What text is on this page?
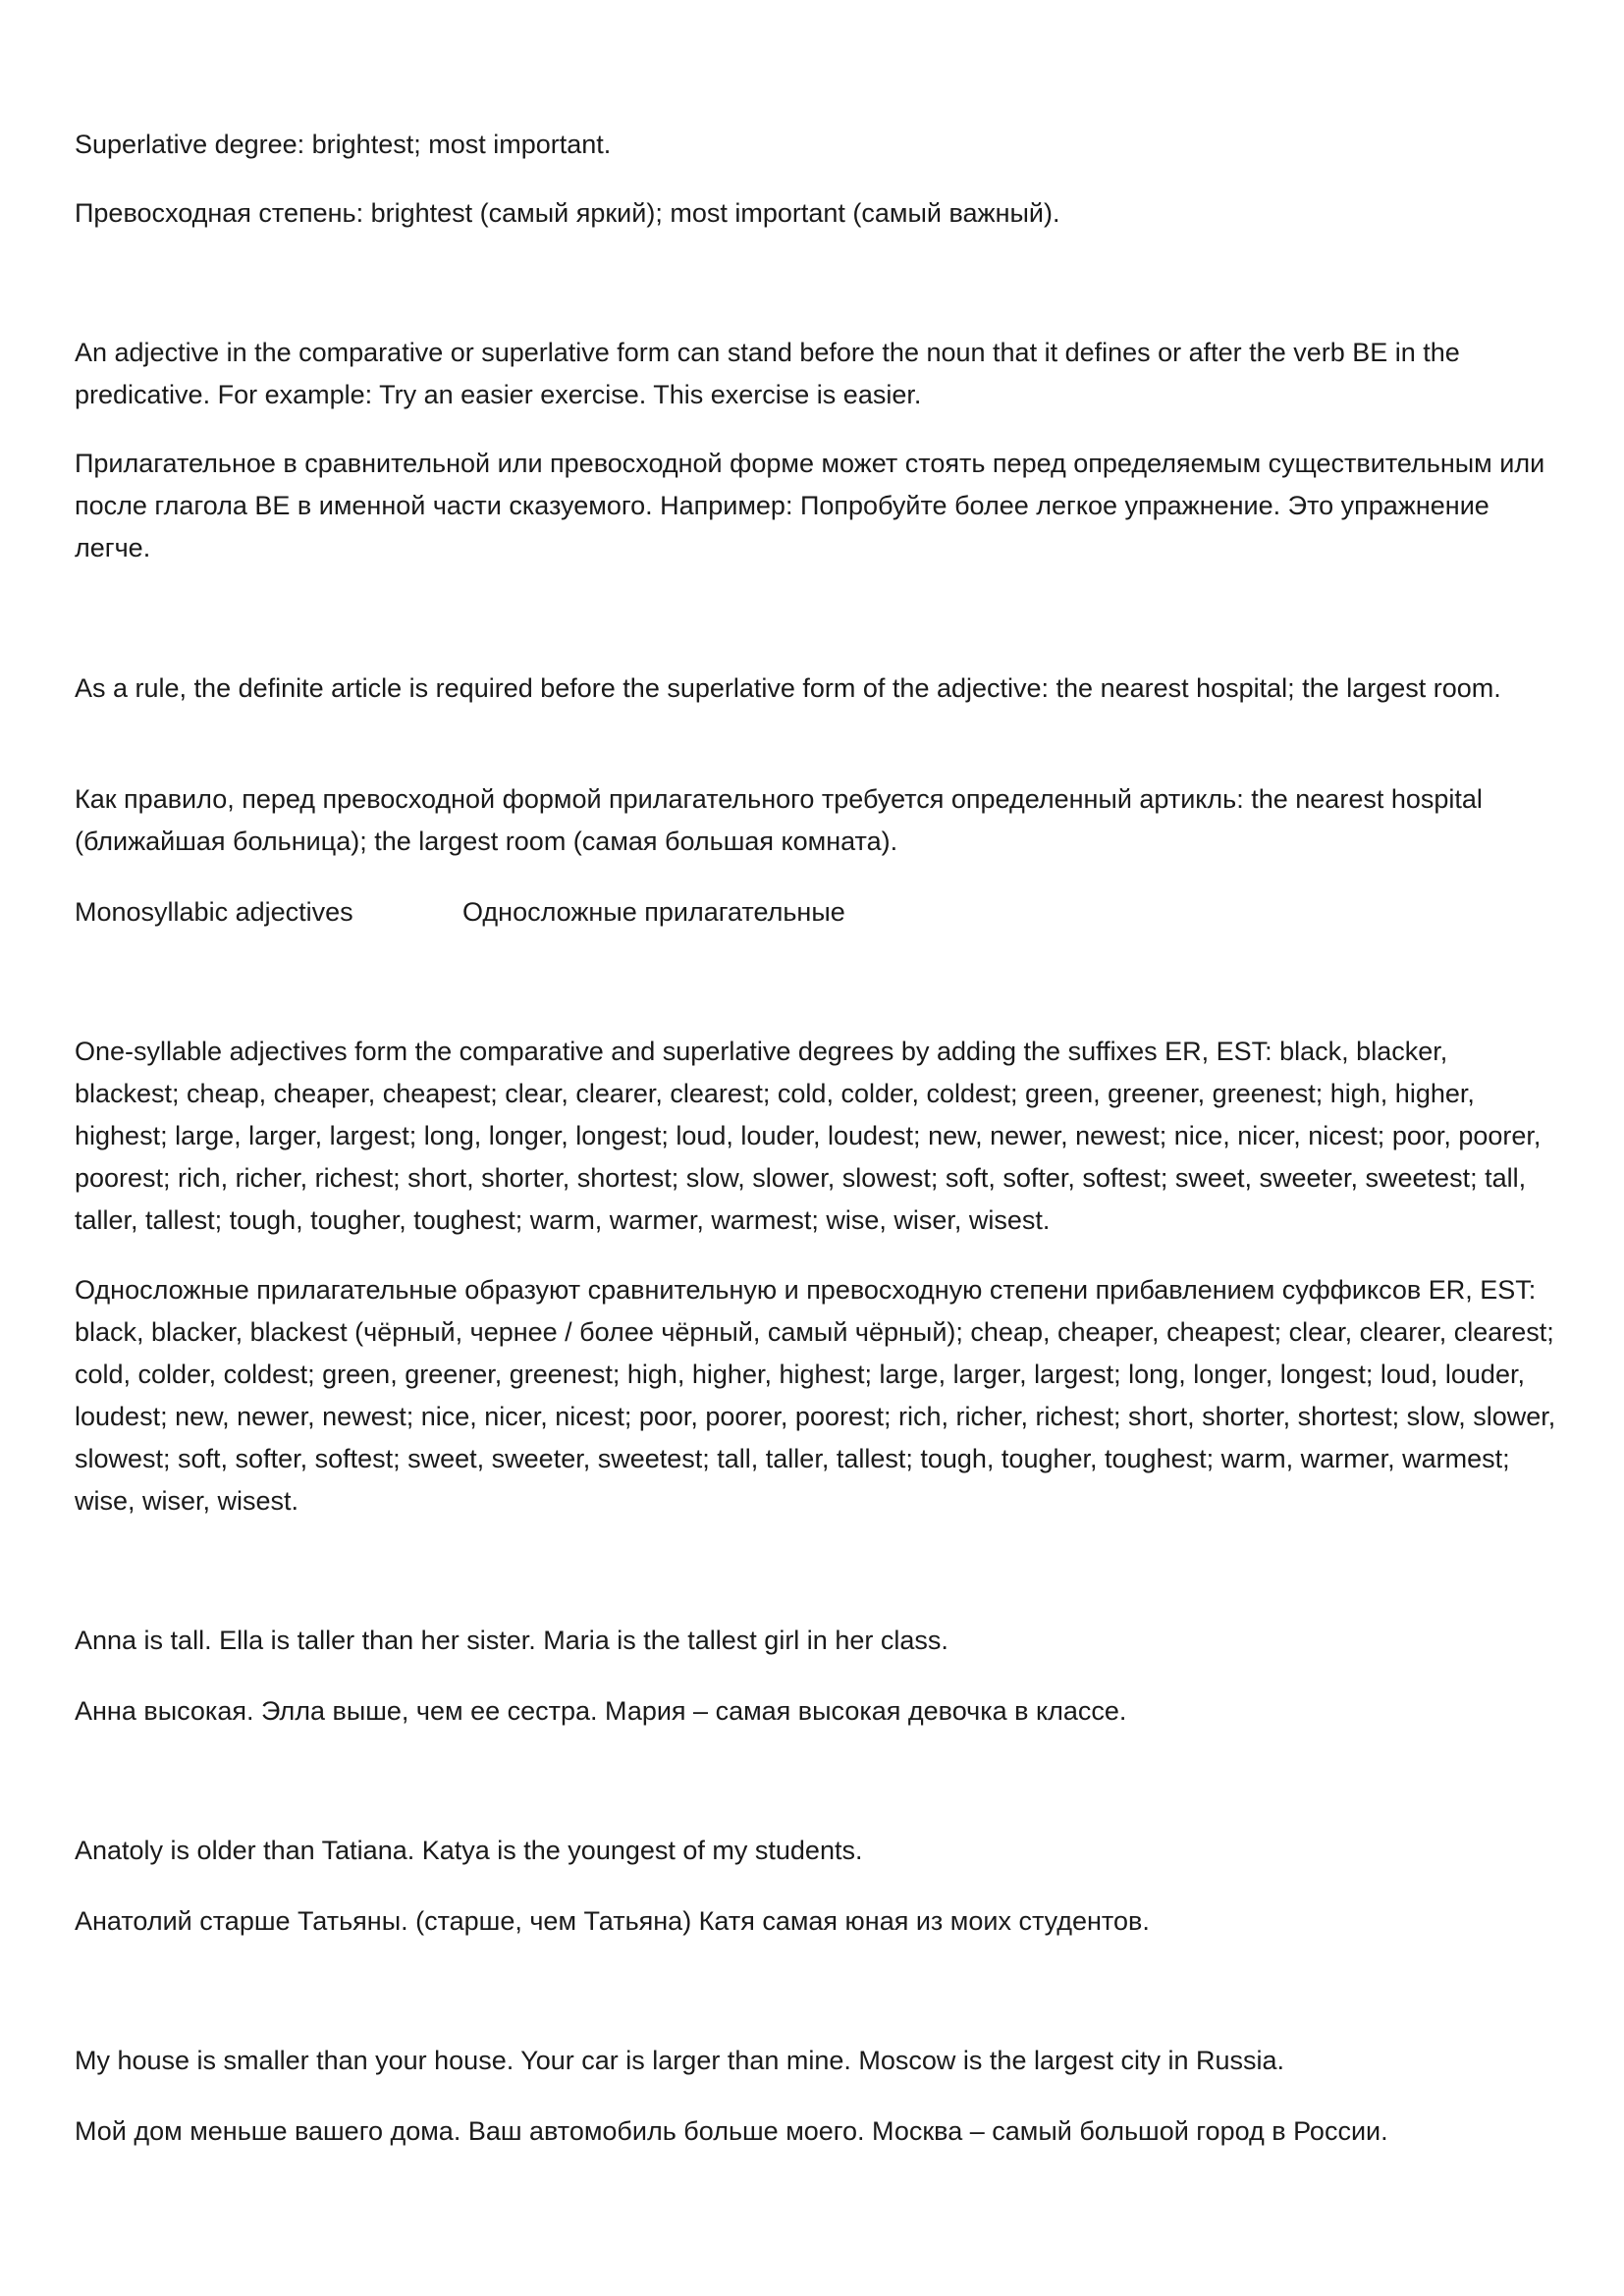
Superlative degree: brightest; most important.

Превосходная степень: brightest (самый яркий); most important (самый важный).

An adjective in the comparative or superlative form can stand before the noun that it defines or after the verb BE in the predicative. For example: Try an easier exercise. This exercise is easier.

Прилагательное в сравнительной или превосходной форме может стоять перед определяемым существительным или после глагола BE в именной части сказуемого. Например: Попробуйте более легкое упражнение. Это упражнение легче.

As a rule, the definite article is required before the superlative form of the adjective: the nearest hospital; the largest room.

Как правило, перед превосходной формой прилагательного требуется определенный артикль: the nearest hospital (ближайшая больница); the largest room (самая большая комната).

Monosyllabic adjectives	Односложные прилагательные

One-syllable adjectives form the comparative and superlative degrees by adding the suffixes ER, EST: black, blacker, blackest; cheap, cheaper, cheapest; clear, clearer, clearest; cold, colder, coldest; green, greener, greenest; high, higher, highest; large, larger, largest; long, longer, longest; loud, louder, loudest; new, newer, newest; nice, nicer, nicest; poor, poorer, poorest; rich, richer, richest; short, shorter, shortest; slow, slower, slowest; soft, softer, softest; sweet, sweeter, sweetest; tall, taller, tallest; tough, tougher, toughest; warm, warmer, warmest; wise, wiser, wisest.

Односложные прилагательные образуют сравнительную и превосходную степени прибавлением суффиксов ER, EST: black, blacker, blackest (чёрный, чернее / более чёрный, самый чёрный); cheap, cheaper, cheapest; clear, clearer, clearest; cold, colder, coldest; green, greener, greenest; high, higher, highest; large, larger, largest; long, longer, longest; loud, louder, loudest; new, newer, newest; nice, nicer, nicest; poor, poorer, poorest; rich, richer, richest; short, shorter, shortest; slow, slower, slowest; soft, softer, softest; sweet, sweeter, sweetest; tall, taller, tallest; tough, tougher, toughest; warm, warmer, warmest; wise, wiser, wisest.

Anna is tall. Ella is taller than her sister. Maria is the tallest girl in her class.

Анна высокая. Элла выше, чем ее сестра. Мария – самая высокая девочка в классе.

Anatoly is older than Tatiana. Katya is the youngest of my students.

Анатолий старше Татьяны. (старше, чем Татьяна) Катя самая юная из моих студентов.

My house is smaller than your house. Your car is larger than mine. Moscow is the largest city in Russia.

Мой дом меньше вашего дома. Ваш автомобиль больше моего. Москва – самый большой город в России.
